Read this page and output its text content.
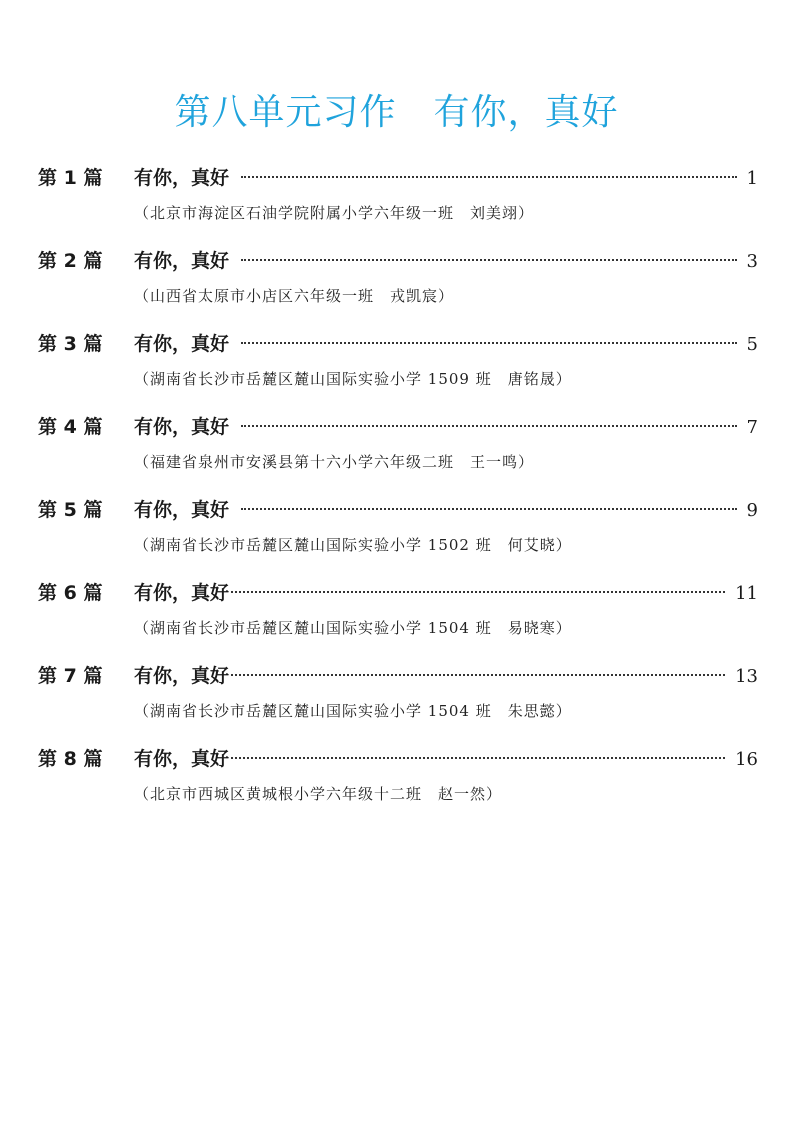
第八单元习作　有你，真好
第 1 篇	有你，真好	1
（北京市海淀区石油学院附属小学六年级一班　刘美翊）
第 2 篇	有你，真好	3
（山西省太原市小店区六年级一班　戎凯宸）
第 3 篇	有你，真好	5
（湖南省长沙市岳麓区麓山国际实验小学 1509 班　唐铭晟）
第 4 篇	有你，真好	7
（福建省泉州市安溪县第十六小学六年级二班　王一鸣）
第 5 篇	有你，真好	9
（湖南省长沙市岳麓区麓山国际实验小学 1502 班　何艾晓）
第 6 篇	有你，真好	11
（湖南省长沙市岳麓区麓山国际实验小学 1504 班　易晓寒）
第 7 篇	有你，真好	13
（湖南省长沙市岳麓区麓山国际实验小学 1504 班　朱思懿）
第 8 篇	有你，真好	16
（北京市西城区黄城根小学六年级十二班　赵一然）
